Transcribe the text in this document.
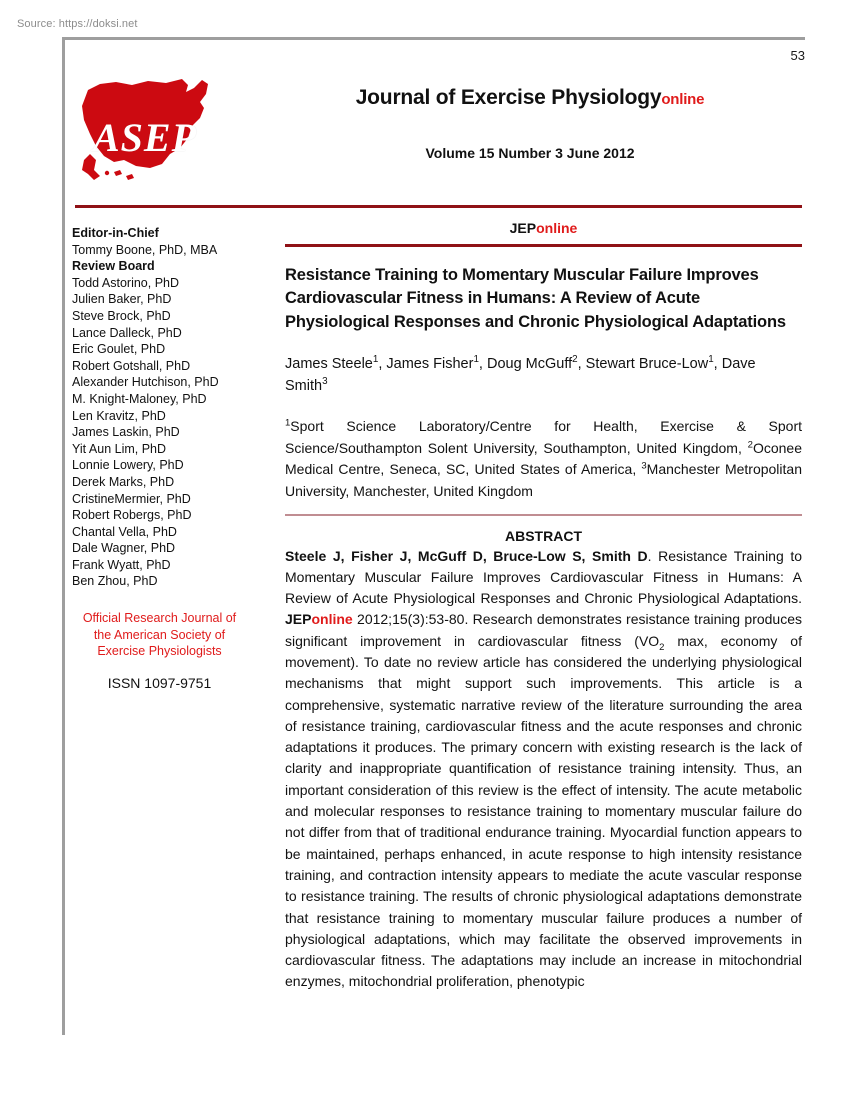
Source: https://doksi.net
53
ASEP
Journal of Exercise Physiologyonline
Volume 15 Number 3 June 2012
Editor-in-Chief
Tommy Boone, PhD, MBA
Review Board
Todd Astorino, PhD
Julien Baker, PhD
Steve Brock, PhD
Lance Dalleck, PhD
Eric Goulet, PhD
Robert Gotshall, PhD
Alexander Hutchison, PhD
M. Knight-Maloney, PhD
Len Kravitz, PhD
James Laskin, PhD
Yit Aun Lim, PhD
Lonnie Lowery, PhD
Derek Marks, PhD
CristineMermier, PhD
Robert Robergs, PhD
Chantal Vella, PhD
Dale Wagner, PhD
Frank Wyatt, PhD
Ben Zhou, PhD
Official Research Journal of
the American Society of
Exercise Physiologists
ISSN 1097-9751
JEPonline
Resistance Training to Momentary Muscular Failure Improves Cardiovascular Fitness in Humans: A Review of Acute Physiological Responses and Chronic Physiological Adaptations
James Steele$^1$, James Fisher$^1$, Doug McGuff$^2$, Stewart Bruce-Low$^1$, Dave Smith$^3$
$^1$Sport Science Laboratory/Centre for Health, Exercise & Sport Science/Southampton Solent University, Southampton, United Kingdom, $^2$Oconee Medical Centre, Seneca, SC, United States of America, $^3$Manchester Metropolitan University, Manchester, United Kingdom
ABSTRACT
Steele J, Fisher J, McGuff D, Bruce-Low S, Smith D. Resistance Training to Momentary Muscular Failure Improves Cardiovascular Fitness in Humans: A Review of Acute Physiological Responses and Chronic Physiological Adaptations. JEPonline 2012;15(3):53-80. Research demonstrates resistance training produces significant improvement in cardiovascular fitness ($VO_2$ max, economy of movement). To date no review article has considered the underlying physiological mechanisms that might support such improvements. This article is a comprehensive, systematic narrative review of the literature surrounding the area of resistance training, cardiovascular fitness and the acute responses and chronic adaptations it produces. The primary concern with existing research is the lack of clarity and inappropriate quantification of resistance training intensity. Thus, an important consideration of this review is the effect of intensity. The acute metabolic and molecular responses to resistance training to momentary muscular failure do not differ from that of traditional endurance training. Myocardial function appears to be maintained, perhaps enhanced, in acute response to high intensity resistance training, and contraction intensity appears to mediate the acute vascular response to resistance training. The results of chronic physiological adaptations demonstrate that resistance training to momentary muscular failure produces a number of physiological adaptations, which may facilitate the observed improvements in cardiovascular fitness. The adaptations may include an increase in mitochondrial enzymes, mitochondrial proliferation, phenotypic
